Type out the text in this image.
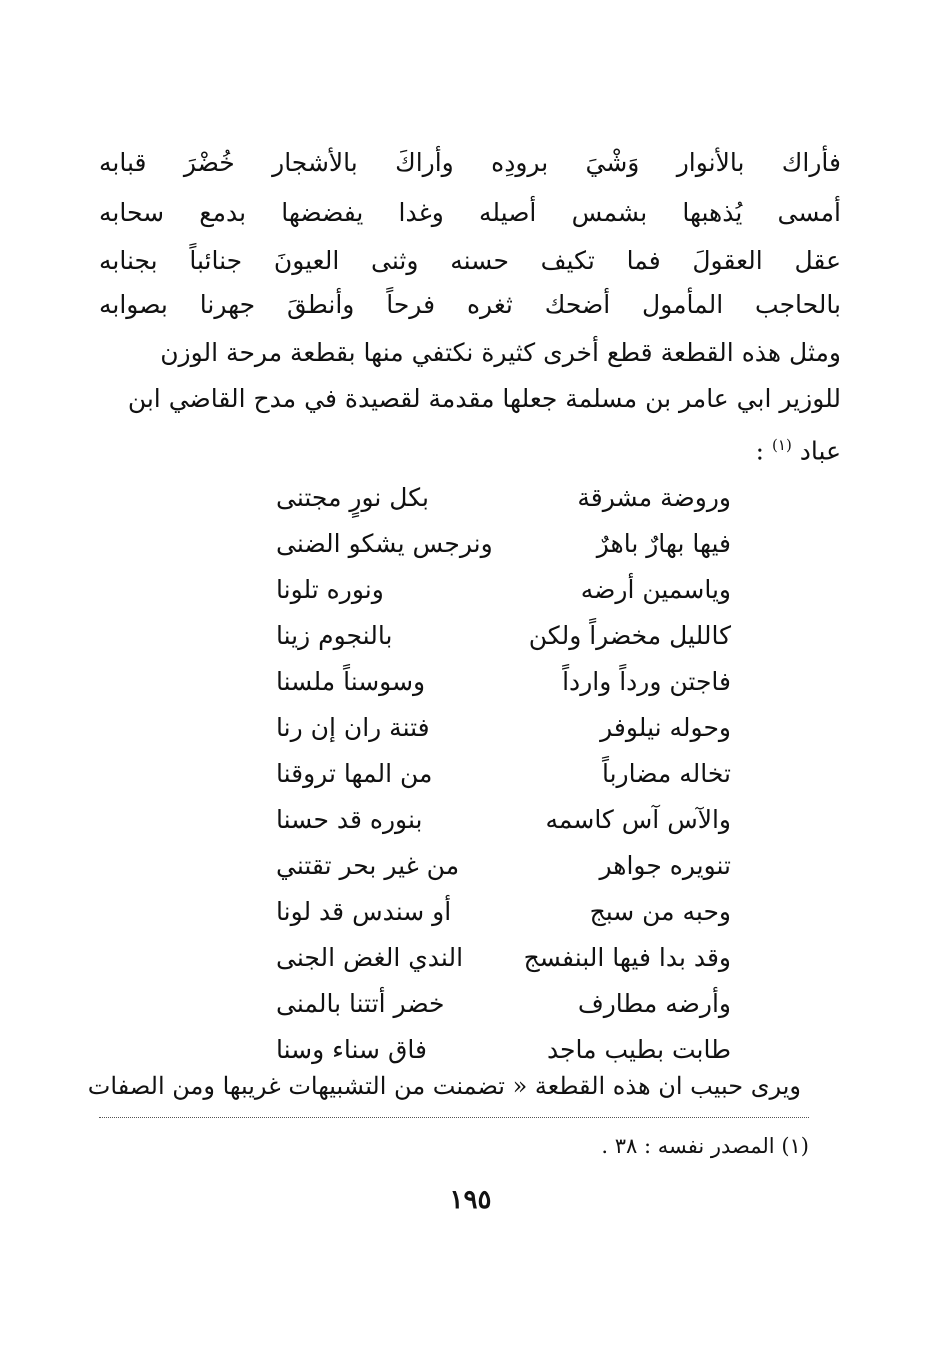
فأراك بالأنوار وَشْيَ برودِه وأراكَ بالأشجار خُضْرَ قبابه
أمسى يُذهبها بشمس أصيله وغدا يفضضها بدمع سحابه
عقل العقولَ فما تكيف حسنه وثنى العيونَ جنائباً بجنابه
بالحاجب المأمول أضحك ثغره فرحاً وأنطقَ جهرنا بصوابه
ومثل هذه القطعة قطع أخرى كثيرة نكتفي منها بقطعة مرحة الوزن للوزير ابي عامر بن مسلمة جعلها مقدمة لقصيدة في مدح القاضي ابن عباد $^{(١)}$ :
وروضة مشرقة
بكل نورٍ مجتنى
فيها بهارٌ باهرٌ
ونرجس يشكو الضنى
وياسمين أرضه
ونوره تلونا
كالليل مخضراً ولكن
بالنجوم زينا
فاجتن ورداً وارداً
وسوسناً ملسنا
وحوله نيلوفر
فتنة ران إن رنا
تخاله مضارباً
من المها تروقنا
والآس آس كاسمه
بنوره قد حسنا
تنويره جواهر
من غير بحر تقتني
وحبه من سبج
أو سندس قد لونا
وقد بدا فيها البنفسج
الندي الغض الجنى
وأرضه مطارف
خضر أتتنا بالمنى
طابت بطيب ماجد
فاق سناء وسنا
ويرى حبيب ان هذه القطعة « تضمنت من التشبيهات غريبها ومن الصفات
(١) المصدر نفسه : ٣٨ .
١٩٥
